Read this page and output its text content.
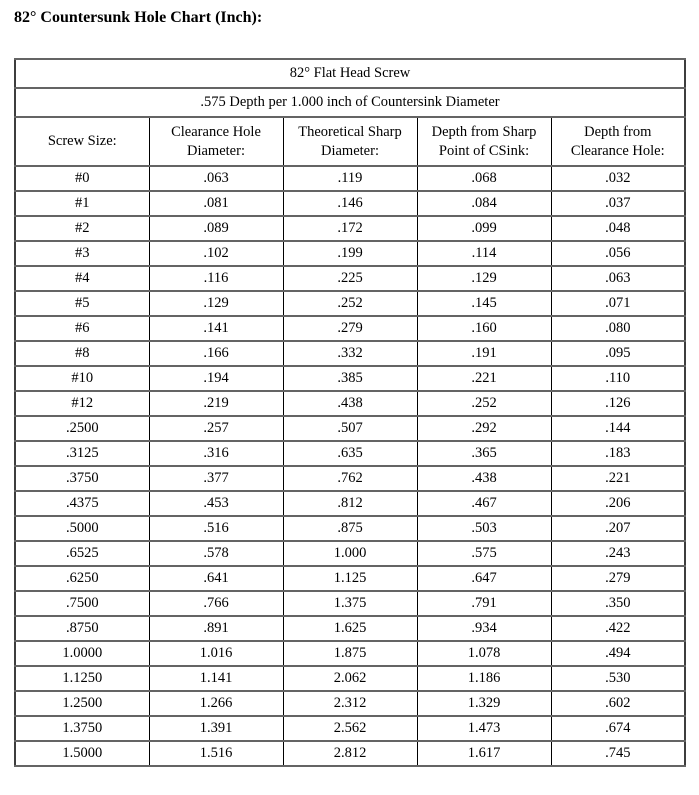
82° Countersunk Hole Chart (Inch):
82° Flat Head Screw				
.575 Depth per 1.000 inch of Countersink Diameter				
Screw Size:	Clearance Hole Diameter:	Theoretical Sharp Diameter:	Depth from Sharp Point of CSink:	Depth from Clearance Hole:
#0	.063	.119	.068	.032
#1	.081	.146	.084	.037
#2	.089	.172	.099	.048
#3	.102	.199	.114	.056
#4	.116	.225	.129	.063
#5	.129	.252	.145	.071
#6	.141	.279	.160	.080
#8	.166	.332	.191	.095
#10	.194	.385	.221	.110
#12	.219	.438	.252	.126
.2500	.257	.507	.292	.144
.3125	.316	.635	.365	.183
.3750	.377	.762	.438	.221
.4375	.453	.812	.467	.206
.5000	.516	.875	.503	.207
.6525	.578	1.000	.575	.243
.6250	.641	1.125	.647	.279
.7500	.766	1.375	.791	.350
.8750	.891	1.625	.934	.422
1.0000	1.016	1.875	1.078	.494
1.1250	1.141	2.062	1.186	.530
1.2500	1.266	2.312	1.329	.602
1.3750	1.391	2.562	1.473	.674
1.5000	1.516	2.812	1.617	.745
